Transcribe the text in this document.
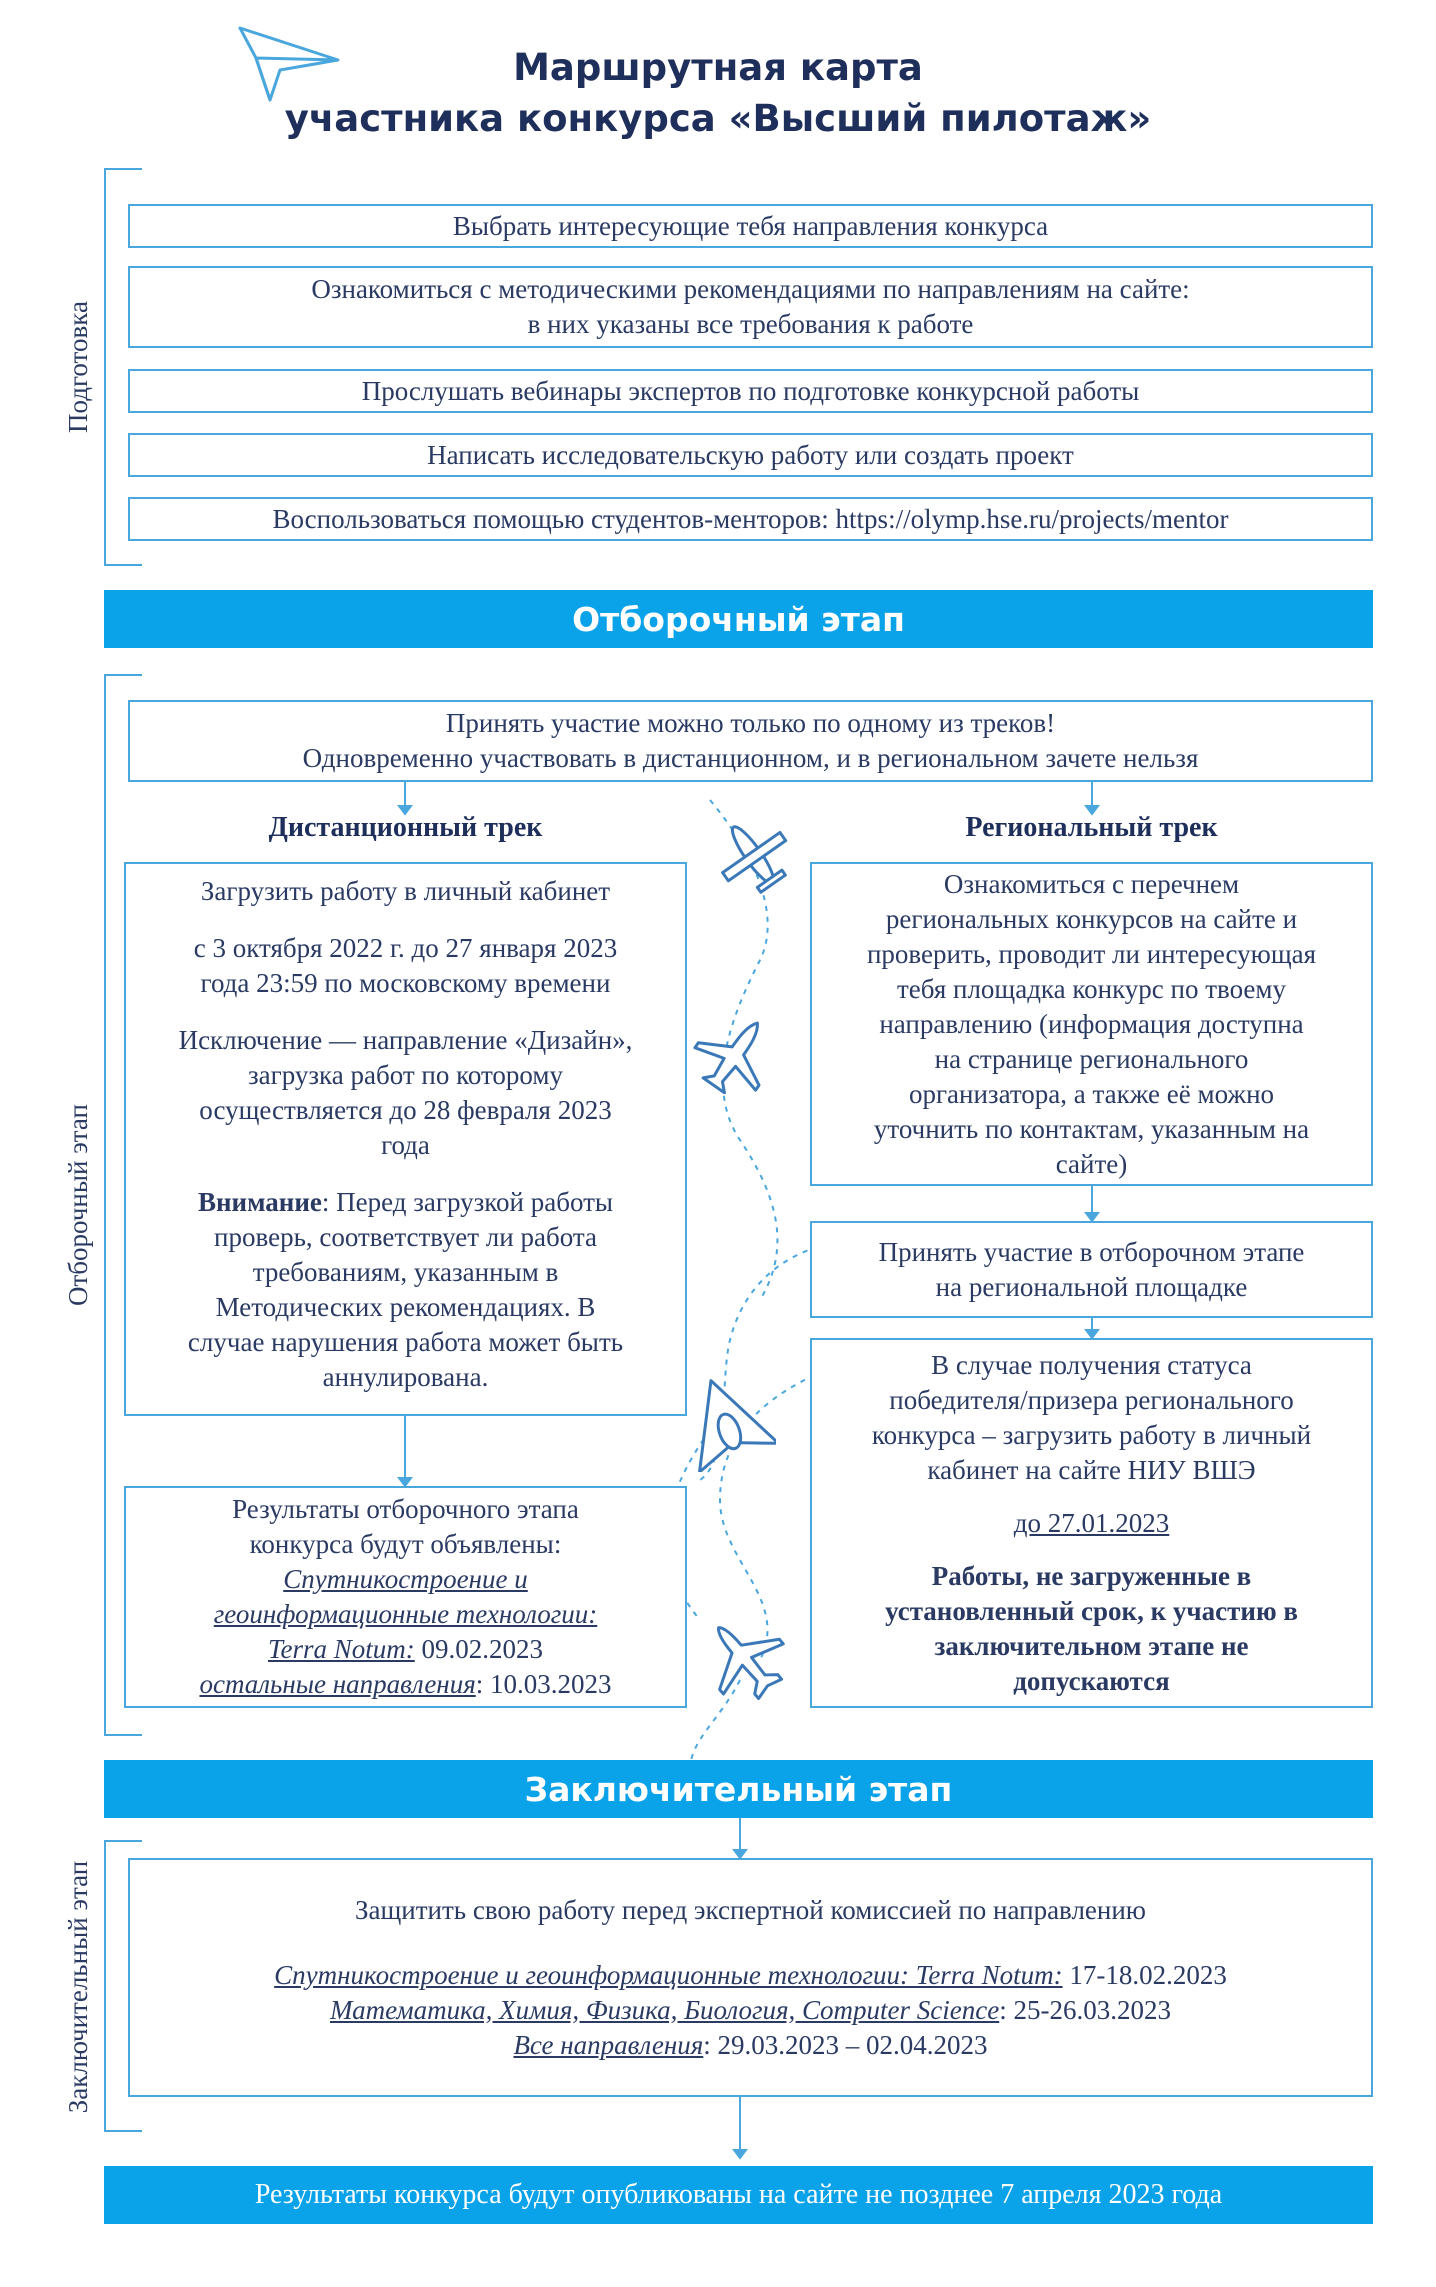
Маршрутная карта
участника конкурса «Высший пилотаж»
Подготовка

Выбрать интересующие тебя направления конкурса

Ознакомиться с методическими рекомендациями по направлениям на сайте:

в них указаны все требования к работе

Прослушать вебинары экспертов по подготовке конкурсной работы

Написать исследовательскую работу или создать проект

Воспользоваться помощью студентов-менторов: https://olymp.hse.ru/projects/mentor

Отборочный этап
Отборочный этап

Принять участие можно только по одному из треков!

Одновременно участвовать в дистанционном, и в региональном зачете нельзя

Дистанционный трек	Региональный трек

Загрузить работу в личный кабинет

с 3 октября 2022 г. до 27 января 2023

года 23:59 по московскому времени

Исключение — направление «Дизайн»,

загрузка работ по которому

осуществляется до 28 февраля 2023

года

Внимание: Перед загрузкой работы

проверь, соответствует ли работа

требованиям, указанным в

Методических рекомендациях. В

случае нарушения работа может быть

аннулирована.

Результаты отборочного этапа

конкурса будут объявлены:

Спутникостроение и

геоинформационные технологии:

Terra Notum: 09.02.2023

остальные направления: 10.03.2023

Ознакомиться с перечнем

региональных конкурсов на сайте и

проверить, проводит ли интересующая

тебя площадка конкурс по твоему

направлению (информация доступна

на странице регионального

организатора, а также её можно

уточнить по контактам, указанным на

сайте)

Принять участие в отборочном этапе

на региональной площадке

В случае получения статуса

победителя/призера регионального

конкурса – загрузить работу в личный

кабинет на сайте НИУ ВШЭ

до 27.01.2023

Работы, не загруженные в

установленный срок, к участию в

заключительном этапе не

допускаются

Заключительный этап
Заключительный этап	Защитить свою работу перед экспертной комиссией по направлению

Спутникостроение и геоинформационные технологии: Terra Notum: 17-18.02.2023

Математика, Химия, Физика, Биология, Computer Science: 25-26.03.2023

Все направления: 29.03.2023 – 02.04.2023

Результаты конкурса будут опубликованы на сайте не позднее 7 апреля 2023 года
